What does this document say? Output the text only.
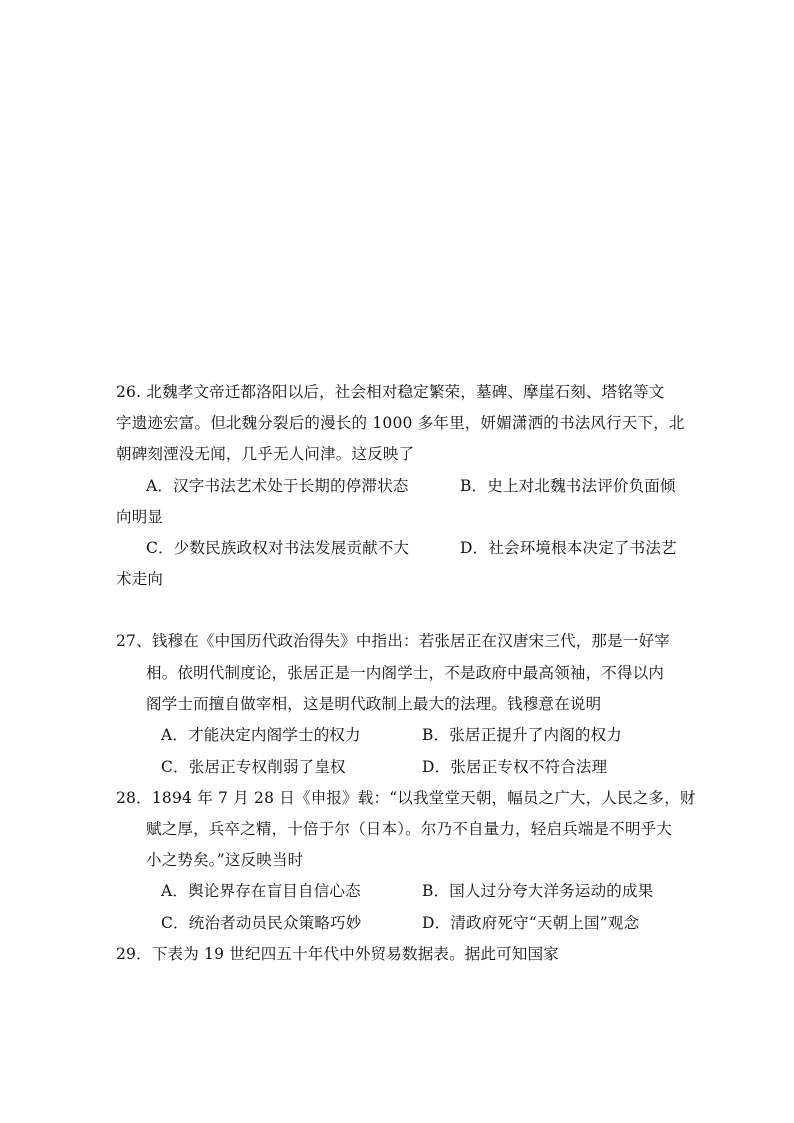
26. 北魏孝文帝迁都洛阳以后，社会相对稳定繁荣，墓碑、摩崖石刻、塔铭等文
字遗迹宏富。但北魏分裂后的漫长的 1000 多年里，妍媚潇洒的书法风行天下，北
朝碑刻湮没无闻，几乎无人问津。这反映了
A．汉字书法艺术处于长期的停滞状态	B．史上对北魏书法评价负面倾
向明显
C．少数民族政权对书法发展贡献不大	D．社会环境根本决定了书法艺
术走向
27、钱穆在《中国历代政治得失》中指出：若张居正在汉唐宋三代，那是一好宰
相。依明代制度论，张居正是一内阁学士，不是政府中最高领袖，不得以内
阁学士而擅自做宰相，这是明代政制上最大的法理。钱穆意在说明
A．才能决定内阁学士的权力	B．张居正提升了内阁的权力
C．张居正专权削弱了皇权	D．张居正专权不符合法理
28．1894 年 7 月 28 日《申报》载：“以我堂堂天朝，幅员之广大，人民之多，财
赋之厚，兵卒之精，十倍于尔（日本）。尔乃不自量力，轻启兵端是不明乎大
小之势矣。”这反映当时
A．舆论界存在盲目自信心态	B．国人过分夸大洋务运动的成果
C．统治者动员民众策略巧妙	D．清政府死守“天朝上国”观念
29．下表为 19 世纪四五十年代中外贸易数据表。据此可知国家
